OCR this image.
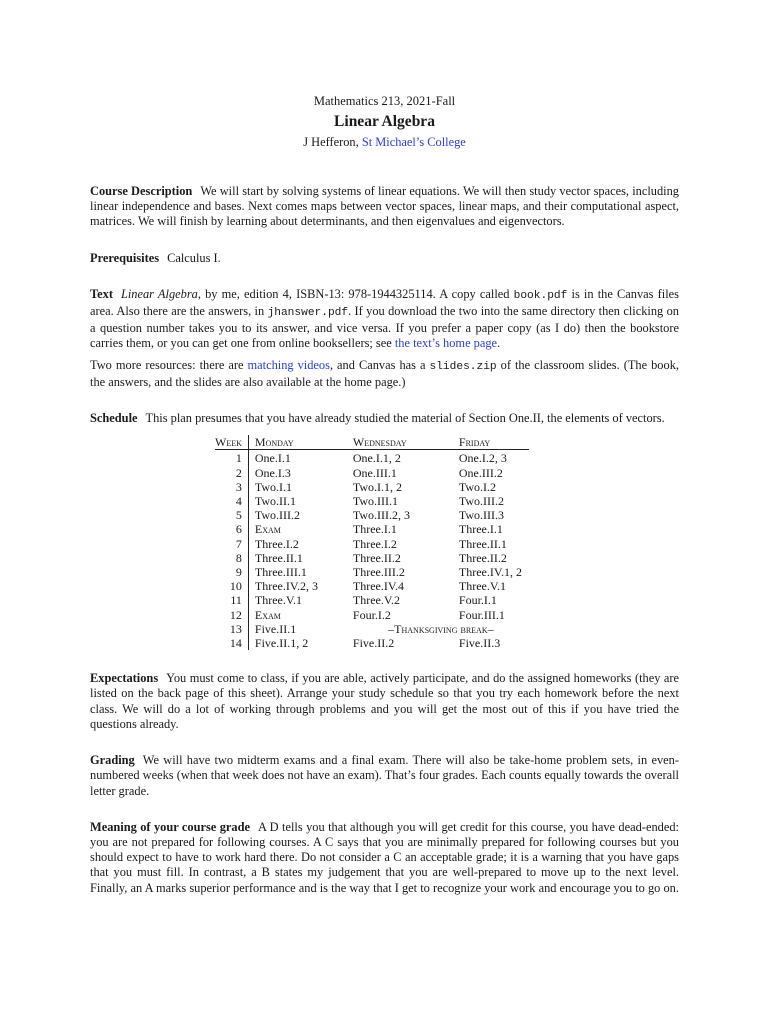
Mathematics 213, 2021-Fall
Linear Algebra
J Hefferon, St Michael’s College

Course Description We will start by solving systems of linear equations. We will then study vector spaces, including linear independence and bases. Next comes maps between vector spaces, linear maps, and their computational aspect, matrices. We will finish by learning about determinants, and then eigenvalues and eigenvectors.

Prerequisites Calculus I.

Text Linear Algebra, by me, edition 4, ISBN-13: 978-1944325114. A copy called book.pdf is in the Canvas files area. Also there are the answers, in jhanswer.pdf. If you download the two into the same directory then clicking on a question number takes you to its answer, and vice versa. If you prefer a paper copy (as I do) then the bookstore carries them, or you can get one from online booksellers; see the text’s home page.

Two more resources: there are matching videos, and Canvas has a slides.zip of the classroom slides. (The book, the answers, and the slides are also available at the home page.)

Schedule This plan presumes that you have already studied the material of Section One.II, the elements of vectors.

Week	Monday	Wednesday	Friday
1	One.I.1	One.I.1, 2	One.I.2, 3
2	One.I.3	One.III.1	One.III.2
3	Two.I.1	Two.I.1, 2	Two.I.2
4	Two.II.1	Two.III.1	Two.III.2
5	Two.III.2	Two.III.2, 3	Two.III.3
6	Exam	Three.I.1	Three.I.1
7	Three.I.2	Three.I.2	Three.II.1
8	Three.II.1	Three.II.2	Three.II.2
9	Three.III.1	Three.III.2	Three.IV.1, 2
10	Three.IV.2, 3	Three.IV.4	Three.V.1
11	Three.V.1	Three.V.2	Four.I.1
12	Exam	Four.I.2	Four.III.1
13	Five.II.1	–Thanksgiving break–	
14	Five.II.1, 2	Five.II.2	Five.II.3

Expectations You must come to class, if you are able, actively participate, and do the assigned homeworks (they are listed on the back page of this sheet). Arrange your study schedule so that you try each homework before the next class. We will do a lot of working through problems and you will get the most out of this if you have tried the questions already.

Grading We will have two midterm exams and a final exam. There will also be take-home problem sets, in even-numbered weeks (when that week does not have an exam). That’s four grades. Each counts equally towards the overall letter grade.

Meaning of your course grade A D tells you that although you will get credit for this course, you have dead-ended: you are not prepared for following courses. A C says that you are minimally prepared for following courses but you should expect to have to work hard there. Do not consider a C an acceptable grade; it is a warning that you have gaps that you must fill. In contrast, a B states my judgement that you are well-prepared to move up to the next level. Finally, an A marks superior performance and is the way that I get to recognize your work and encourage you to go on.
